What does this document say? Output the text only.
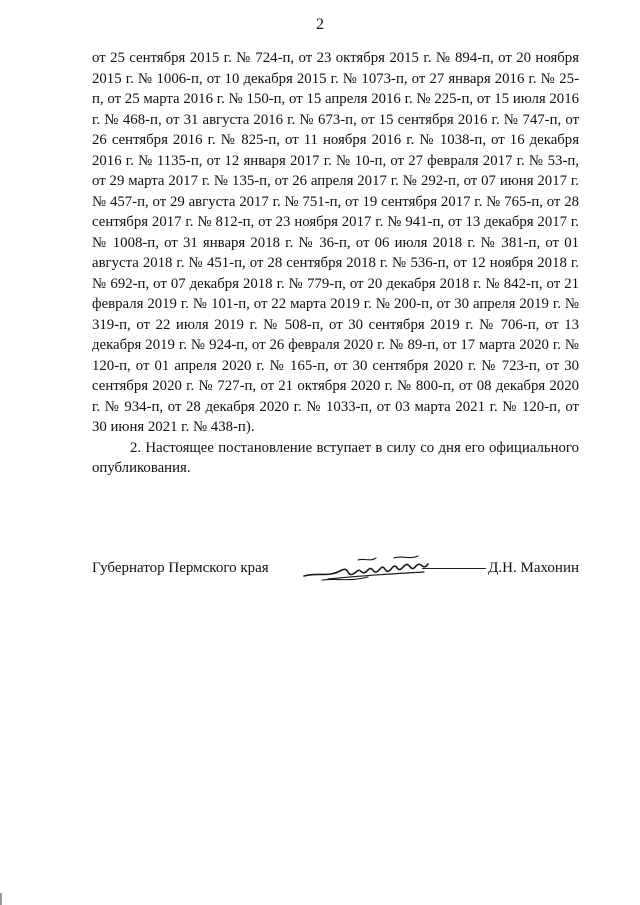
2

от 25 сентября 2015 г. № 724-п, от 23 октября 2015 г. № 894-п, от 20 ноября 2015 г. № 1006-п, от 10 декабря 2015 г. № 1073-п, от 27 января 2016 г. № 25-п, от 25 марта 2016 г. № 150-п, от 15 апреля 2016 г. № 225-п, от 15 июля 2016 г. № 468-п, от 31 августа 2016 г. № 673-п, от 15 сентября 2016 г. № 747-п, от 26 сентября 2016 г. № 825-п, от 11 ноября 2016 г. № 1038-п, от 16 декабря 2016 г. № 1135-п, от 12 января 2017 г. № 10-п, от 27 февраля 2017 г. № 53-п, от 29 марта 2017 г. № 135-п, от 26 апреля 2017 г. № 292-п, от 07 июня 2017 г. № 457-п, от 29 августа 2017 г. № 751-п, от 19 сентября 2017 г. № 765-п, от 28 сентября 2017 г. № 812-п, от 23 ноября 2017 г. № 941-п, от 13 декабря 2017 г. № 1008-п, от 31 января 2018 г. № 36-п, от 06 июля 2018 г. № 381-п, от 01 августа 2018 г. № 451-п, от 28 сентября 2018 г. № 536-п, от 12 ноября 2018 г. № 692-п, от 07 декабря 2018 г. № 779-п, от 20 декабря 2018 г. № 842-п, от 21 февраля 2019 г. № 101-п, от 22 марта 2019 г. № 200-п, от 30 апреля 2019 г. № 319-п, от 22 июля 2019 г. № 508-п, от 30 сентября 2019 г. № 706-п, от 13 декабря 2019 г. № 924-п, от 26 февраля 2020 г. № 89-п, от 17 марта 2020 г. № 120-п, от 01 апреля 2020 г. № 165-п, от 30 сентября 2020 г. № 723-п, от 30 сентября 2020 г. № 727-п, от 21 октября 2020 г. № 800-п, от 08 декабря 2020 г. № 934-п, от 28 декабря 2020 г. № 1033-п, от 03 марта 2021 г. № 120-п, от 30 июня 2021 г. № 438-п).

2. Настоящее постановление вступает в силу со дня его официального опубликования.

Губернатор Пермского края	Д.Н. Махонин
